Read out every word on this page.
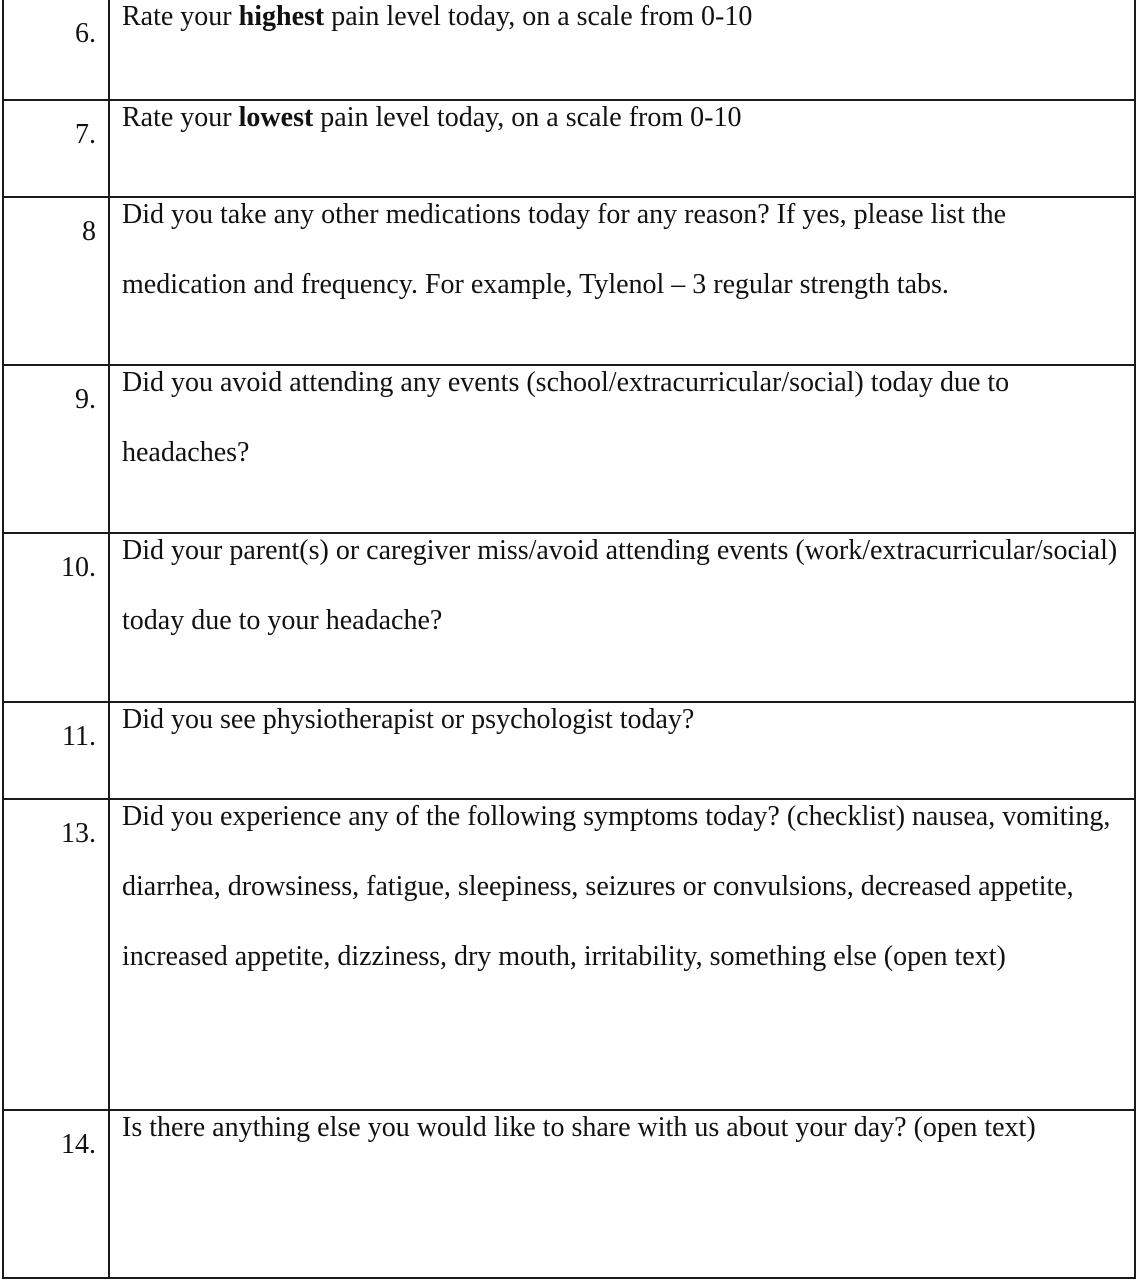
6.
Rate your highest pain level today, on a scale from 0-10
7.
Rate your lowest pain level today, on a scale from 0-10
8
Did you take any other medications today for any reason? If yes, please list the medication and frequency. For example, Tylenol – 3 regular strength tabs.
9.
Did you avoid attending any events (school/extracurricular/social) today due to headaches?
10.
Did your parent(s) or caregiver miss/avoid attending events (work/extracurricular/social) today due to your headache?
11.
Did you see physiotherapist or psychologist today?
13.
Did you experience any of the following symptoms today? (checklist) nausea, vomiting, diarrhea, drowsiness, fatigue, sleepiness, seizures or convulsions, decreased appetite, increased appetite, dizziness, dry mouth, irritability, something else (open text)
14.
Is there anything else you would like to share with us about your day? (open text)
